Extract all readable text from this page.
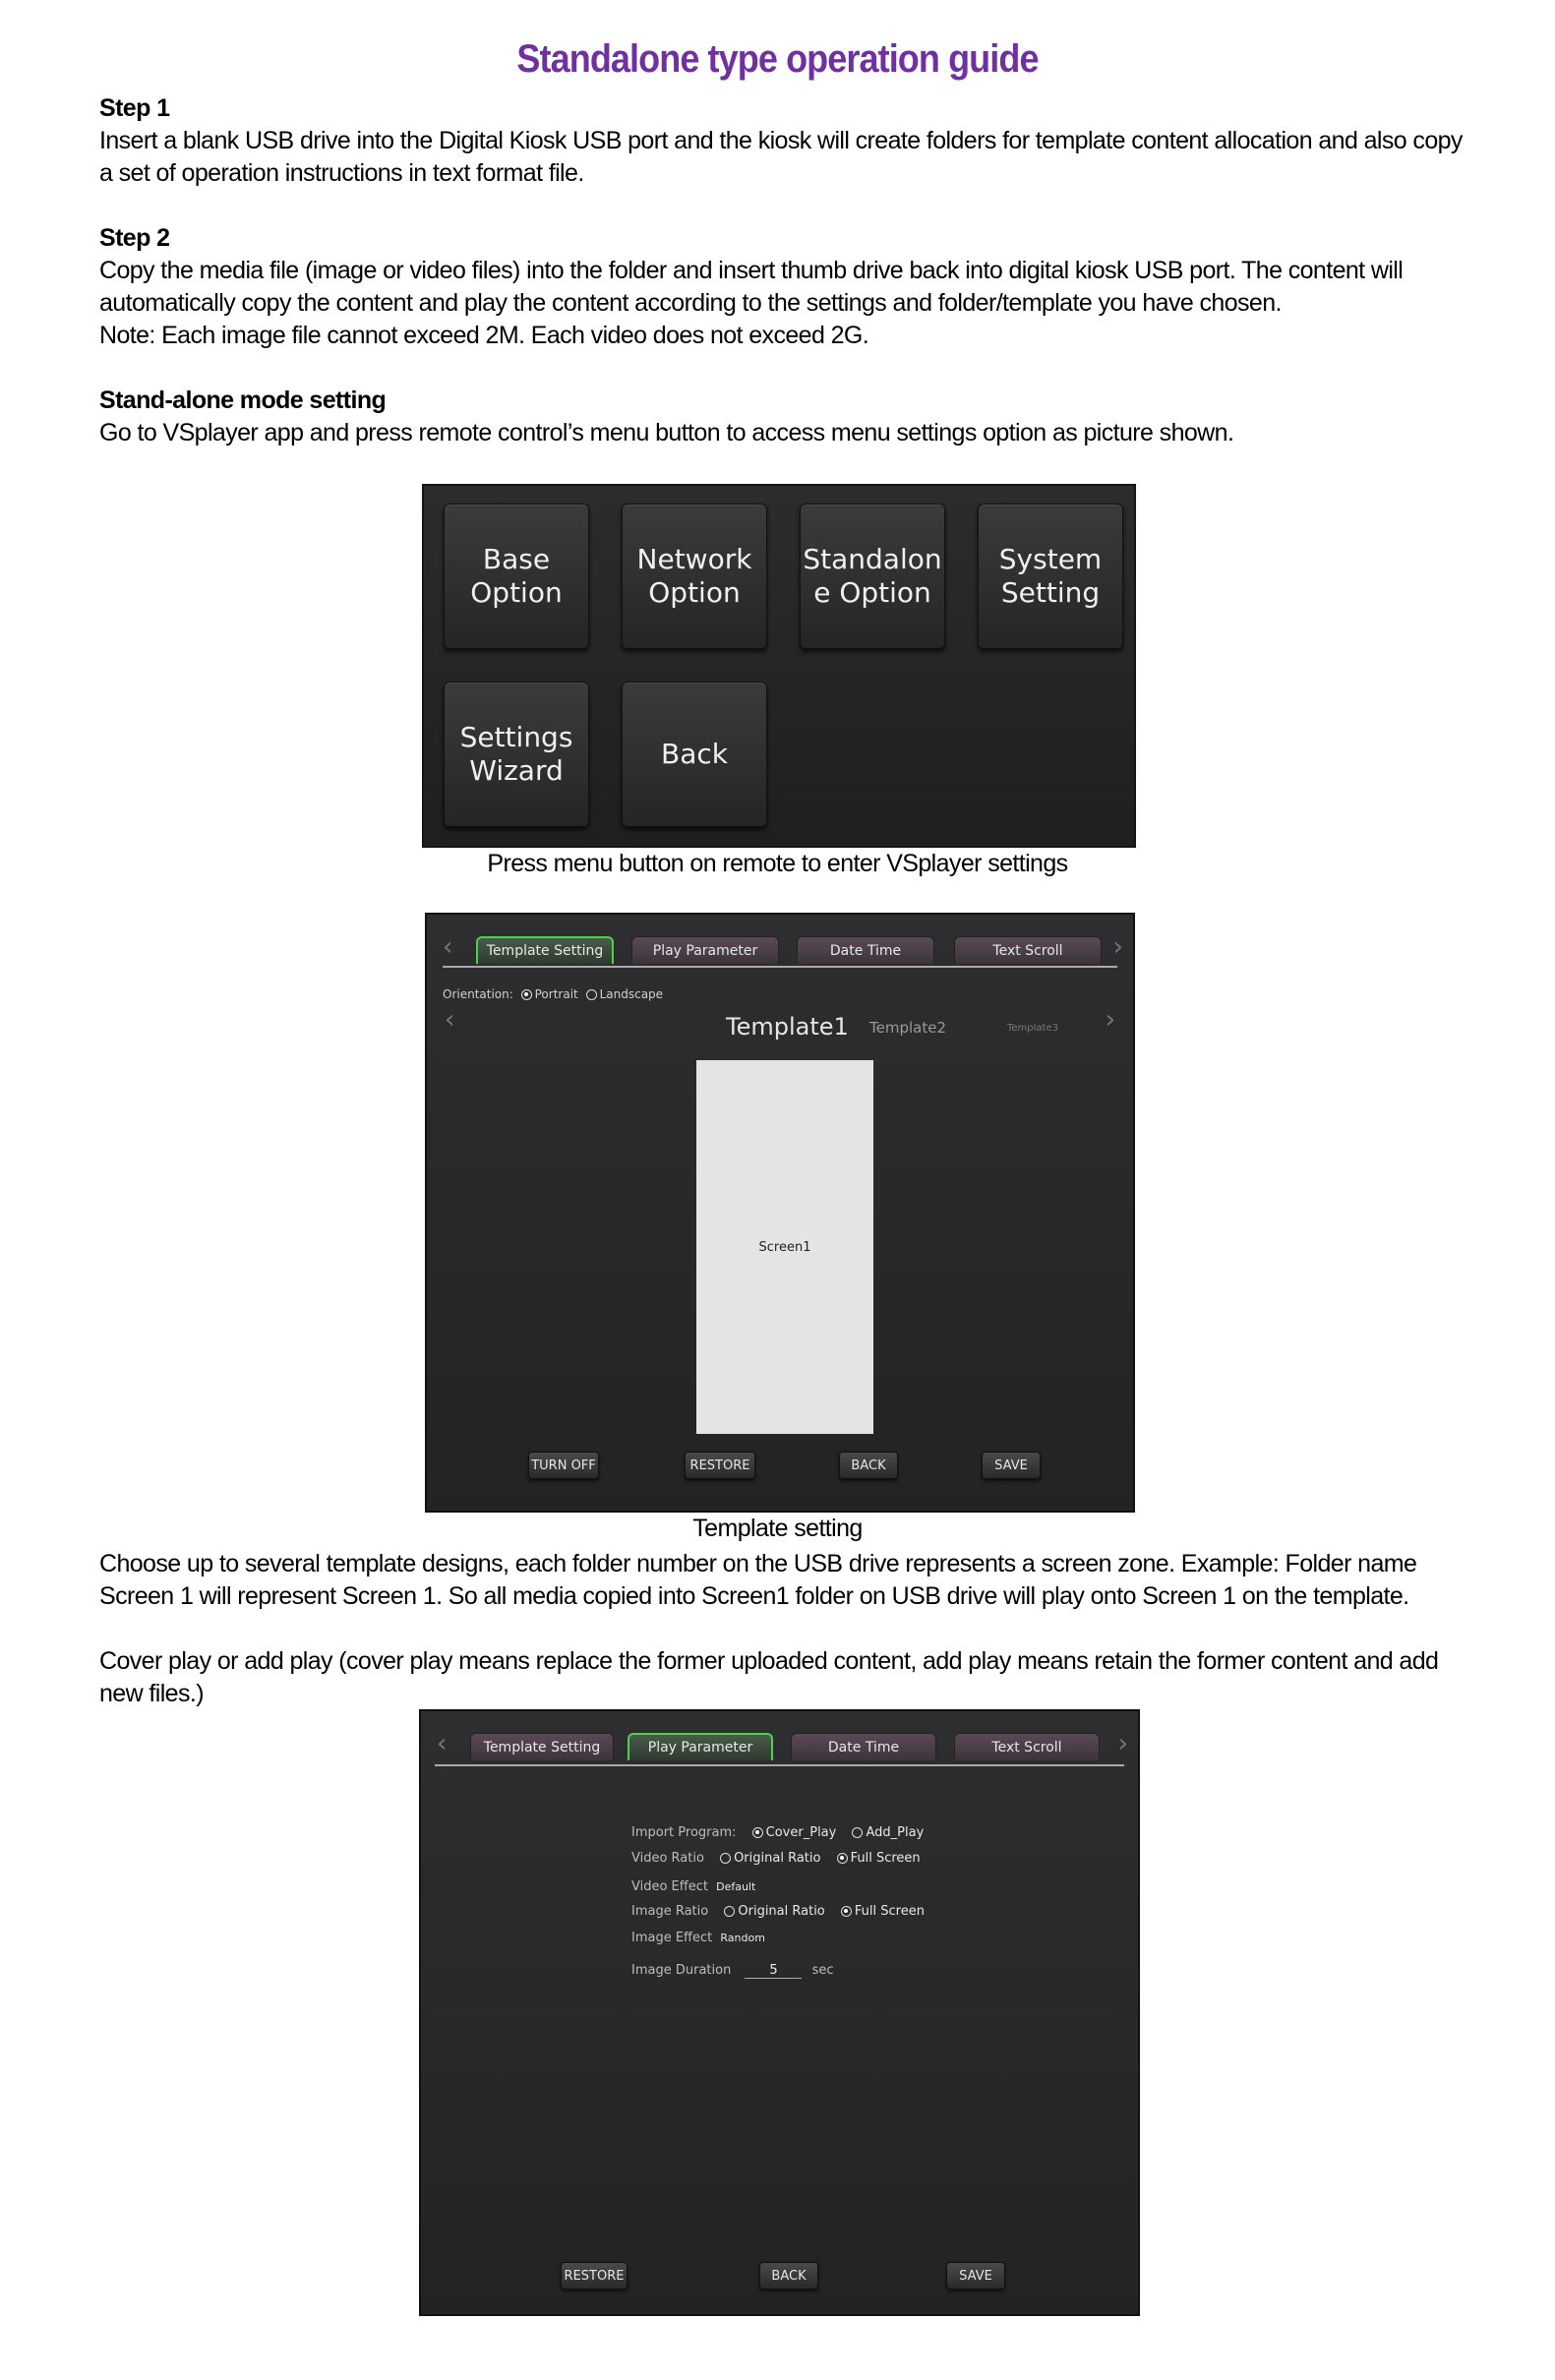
Standalone type operation guide
Step 1

Insert a blank USB drive into the Digital Kiosk USB port and the kiosk will create folders for template content allocation and also copy a set of operation instructions in text format file.

Step 2

Copy the media file (image or video files) into the folder and insert thumb drive back into digital kiosk USB port. The content will automatically copy the content and play the content according to the settings and folder/template you have chosen.

Note: Each image file cannot exceed 2M. Each video does not exceed 2G.

Stand-alone mode setting

Go to VSplayer app and press remote control’s menu button to access menu settings option as picture shown.

Base
Option
Network
Option
Standalon
e Option
System
Setting
Settings
Wizard
Back
Press menu button on remote to enter VSplayer settings
‹	›
Template Setting	Play Parameter	Date Time	Text Scroll
Orientation: Portrait Landscape
‹	›
Template1 Template2	Template3
Screen1
TURN OFF	RESTORE	BACK	SAVE
Template setting

Choose up to several template designs, each folder number on the USB drive represents a screen zone. Example: Folder name Screen 1 will represent Screen 1. So all media copied into Screen1 folder on USB drive will play onto Screen 1 on the template.

Cover play or add play (cover play means replace the former uploaded content, add play means retain the former content and add new files.)

‹	›
Template Setting	Play Parameter	Date Time	Text Scroll
Import Program: Cover_Play Add_Play
Video Ratio Original Ratio Full Screen
Video Effect Default
Image Ratio Original Ratio Full Screen
Image Effect Random
Image Duration	5	sec
RESTORE	BACK	SAVE
